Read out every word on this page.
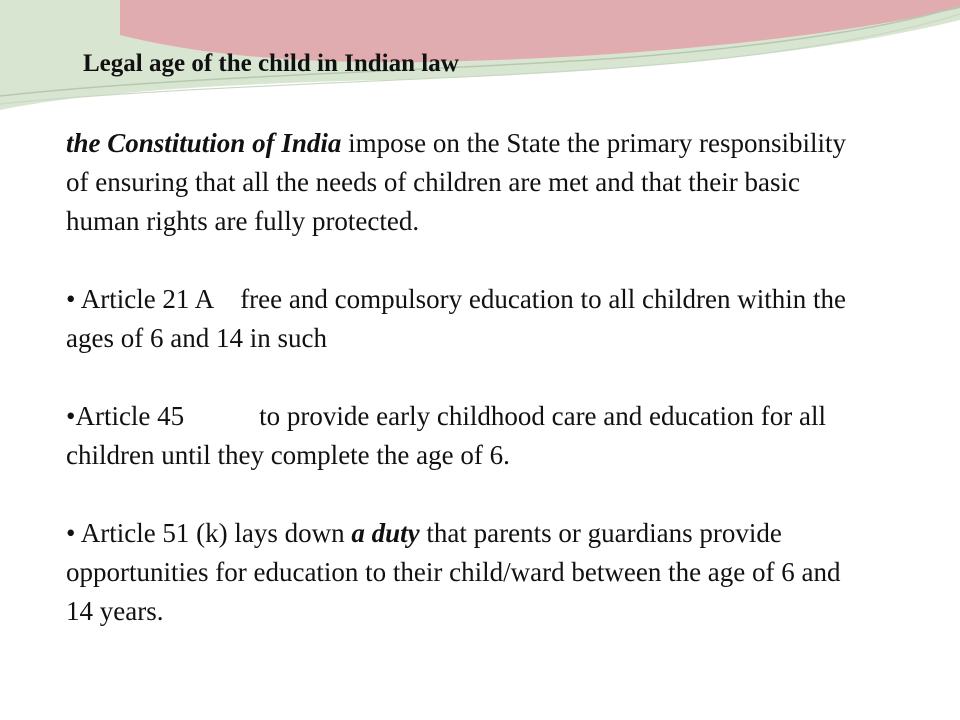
Legal age of the child in Indian law

the Constitution of India impose on the State the primary responsibility of ensuring that all the needs of children are met and that their basic human rights are fully protected.

• Article 21 A free and compulsory education to all children within the ages of 6 and 14 in such

•Article 45	to provide early childhood care and education for all children until they complete the age of 6.

• Article 51 (k) lays down a duty that parents or guardians provide opportunities for education to their child/ward between the age of 6 and 14 years.
